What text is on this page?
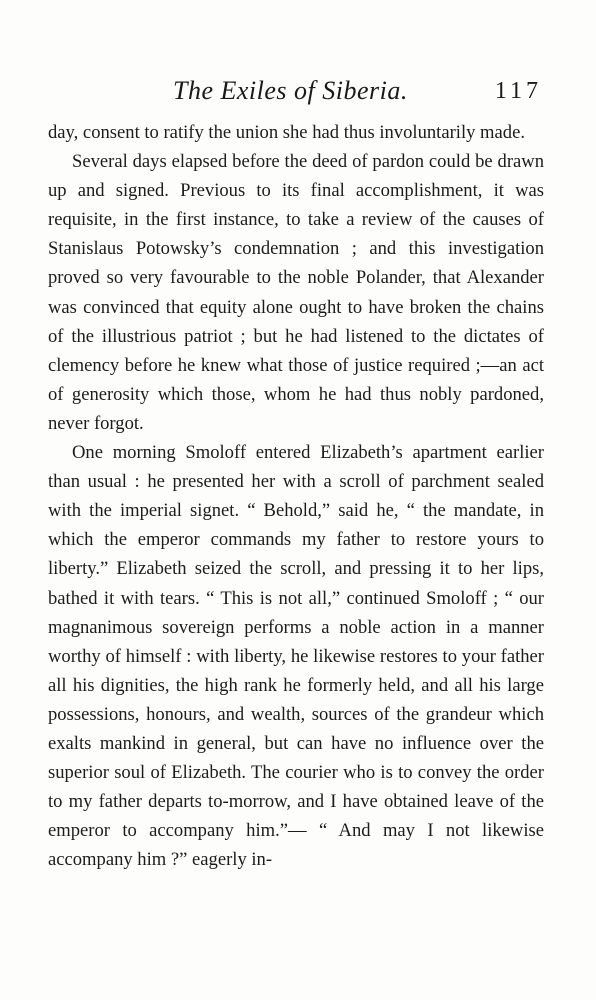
The Exiles of Siberia.	117

day, consent to ratify the union she had thus involuntarily made.

Several days elapsed before the deed of pardon could be drawn up and signed. Previous to its final accomplishment, it was requisite, in the first instance, to take a review of the causes of Stanislaus Potowsky’s condemnation ; and this investigation proved so very favourable to the noble Polander, that Alexander was convinced that equity alone ought to have broken the chains of the illustrious patriot ; but he had listened to the dictates of clemency before he knew what those of justice required ;—an act of generosity which those, whom he had thus nobly pardoned, never forgot.

One morning Smoloff entered Elizabeth’s apartment earlier than usual : he presented her with a scroll of parchment sealed with the imperial signet. “ Behold,” said he, “ the mandate, in which the emperor commands my father to restore yours to liberty.” Elizabeth seized the scroll, and pressing it to her lips, bathed it with tears. “ This is not all,” continued Smoloff ; “ our magnanimous sovereign performs a noble action in a manner worthy of himself : with liberty, he likewise restores to your father all his dignities, the high rank he formerly held, and all his large possessions, honours, and wealth, sources of the grandeur which exalts mankind in general, but can have no influence over the superior soul of Elizabeth. The courier who is to convey the order to my father departs to-morrow, and I have obtained leave of the emperor to accompany him.”— “ And may I not likewise accompany him ?” eagerly in-
